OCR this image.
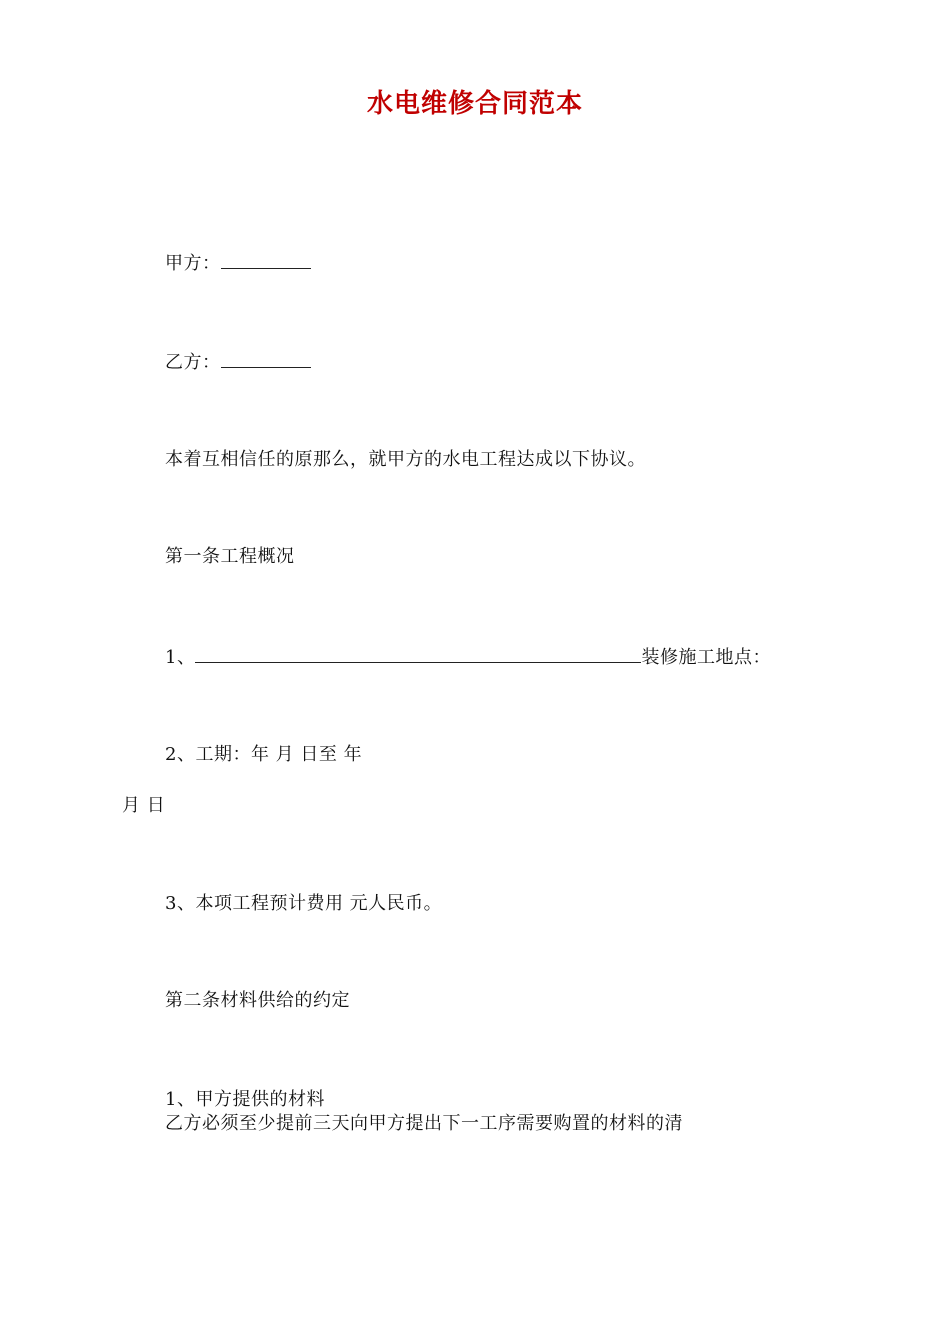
水电维修合同范本
甲方：
乙方：
本着互相信任的原那么，就甲方的水电工程达成以下协议。
第一条工程概况
1、	装修施工地点：
2、工期：年 月 日至 年
月 日
3、本项工程预计费用 元人民币。
第二条材料供给的约定
1、甲方提供的材料
乙方必须至少提前三天向甲方提出下一工序需要购置的材料的清
